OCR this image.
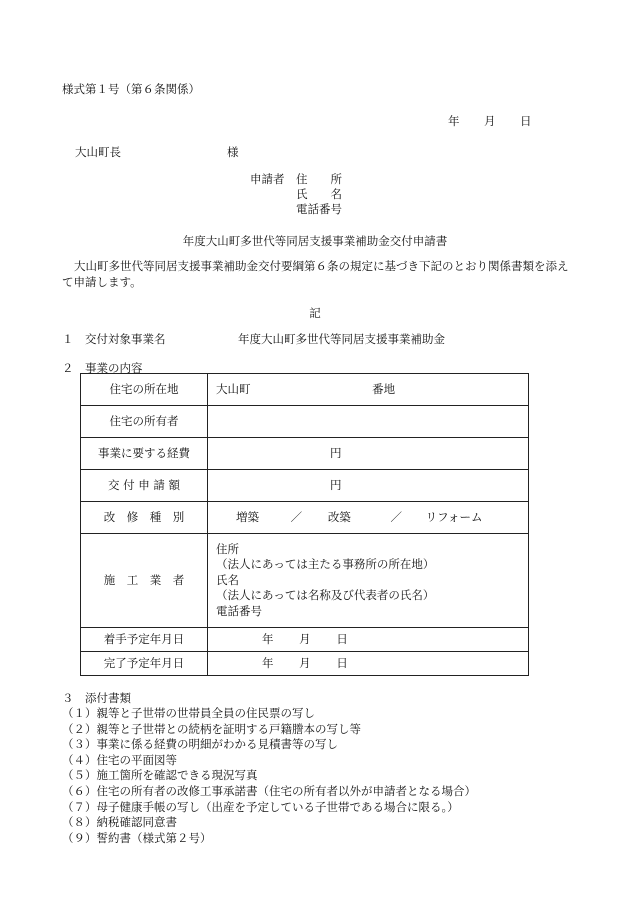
様式第１号（第６条関係）
年 月 日
大山町長	様
申請者 住　　所
氏　　名
電話番号
年度大山町多世代等同居支援事業補助金交付申請書
大山町多世代等同居支援事業補助金交付要綱第６条の規定に基づき下記のとおり関係書類を添えて申請します。
記
１　交付対象事業名	年度大山町多世代等同居支援事業補助金
２　事業の内容
住宅の所在地	大山町 番地
住宅の所有者	
事業に要する経費	円
交 付 申 請 額	円
改　修　種　別	増築 ／ 改築 ／ リフォーム
施　工　業　者	住所
（法人にあっては主たる事務所の所在地）
氏名
（法人にあっては名称及び代表者の氏名）
電話番号

着手予定年月日	年 月 日
完了予定年月日	年 月 日
３　添付書類
（１）親等と子世帯の世帯員全員の住民票の写し
（２）親等と子世帯との続柄を証明する戸籍謄本の写し等
（３）事業に係る経費の明細がわかる見積書等の写し
（４）住宅の平面図等
（５）施工箇所を確認できる現況写真
（６）住宅の所有者の改修工事承諾書（住宅の所有者以外が申請者となる場合）
（７）母子健康手帳の写し（出産を予定している子世帯である場合に限る。）
（８）納税確認同意書
（９）誓約書（様式第２号）
